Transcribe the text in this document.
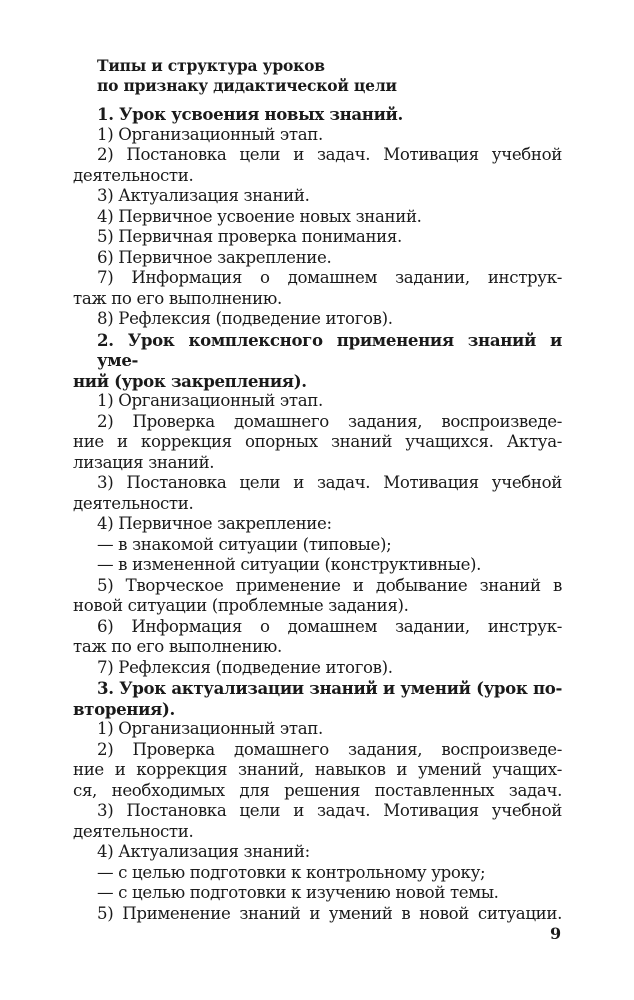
Типы и структура уроков
по признаку дидактической цели
1. Урок усвоения новых знаний.
1) Организационный этап.
2) Постановка цели и задач. Мотивация учебной
деятельности.
3) Актуализация знаний.
4) Первичное усвоение новых знаний.
5) Первичная проверка понимания.
6) Первичное закрепление.
7) Информация о домашнем задании, инструк-
таж по его выполнению.
8) Рефлексия (подведение итогов).
2. Урок комплексного применения знаний и уме-
ний (урок закрепления).
1) Организационный этап.
2) Проверка домашнего задания, воспроизведе-
ние и коррекция опорных знаний учащихся. Актуа-
лизация знаний.
3) Постановка цели и задач. Мотивация учебной
деятельности.
4) Первичное закрепление:
— в знакомой ситуации (типовые);
— в измененной ситуации (конструктивные).
5) Творческое применение и добывание знаний в
новой ситуации (проблемные задания).
6) Информация о домашнем задании, инструк-
таж по его выполнению.
7) Рефлексия (подведение итогов).
3. Урок актуализации знаний и умений (урок по-
вторения).
1) Организационный этап.
2) Проверка домашнего задания, воспроизведе-
ние и коррекция знаний, навыков и умений учащих-
ся, необходимых для решения поставленных задач.
3) Постановка цели и задач. Мотивация учебной
деятельности.
4) Актуализация знаний:
— с целью подготовки к контрольному уроку;
— с целью подготовки к изучению новой темы.
5) Применение знаний и умений в новой ситуации.
9
